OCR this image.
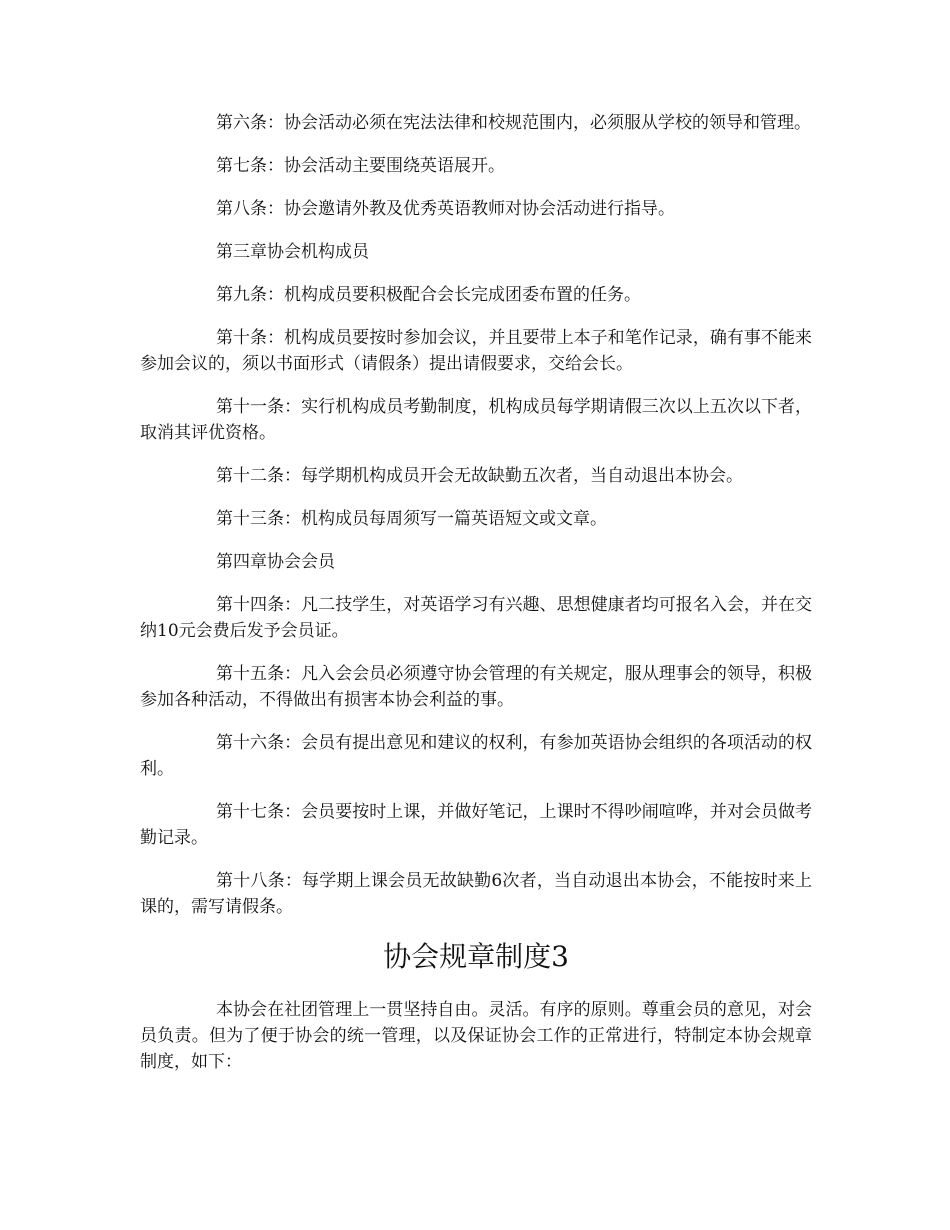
第六条：协会活动必须在宪法法律和校规范围内，必须服从学校的领导和管理。

第七条：协会活动主要围绕英语展开。

第八条：协会邀请外教及优秀英语教师对协会活动进行指导。

第三章协会机构成员

第九条：机构成员要积极配合会长完成团委布置的任务。

第十条：机构成员要按时参加会议，并且要带上本子和笔作记录，确有事不能来参加会议的，须以书面形式（请假条）提出请假要求，交给会长。

第十一条：实行机构成员考勤制度，机构成员每学期请假三次以上五次以下者，取消其评优资格。

第十二条：每学期机构成员开会无故缺勤五次者，当自动退出本协会。

第十三条：机构成员每周须写一篇英语短文或文章。

第四章协会会员

第十四条：凡二技学生，对英语学习有兴趣、思想健康者均可报名入会，并在交纳10元会费后发予会员证。

第十五条：凡入会会员必须遵守协会管理的有关规定，服从理事会的领导，积极参加各种活动，不得做出有损害本协会利益的事。

第十六条：会员有提出意见和建议的权利，有参加英语协会组织的各项活动的权利。

第十七条：会员要按时上课，并做好笔记，上课时不得吵闹喧哗，并对会员做考勤记录。

第十八条：每学期上课会员无故缺勤6次者，当自动退出本协会，不能按时来上课的，需写请假条。

协会规章制度3

本协会在社团管理上一贯坚持自由。灵活。有序的原则。尊重会员的意见，对会员负责。但为了便于协会的统一管理，以及保证协会工作的正常进行，特制定本协会规章制度，如下：
